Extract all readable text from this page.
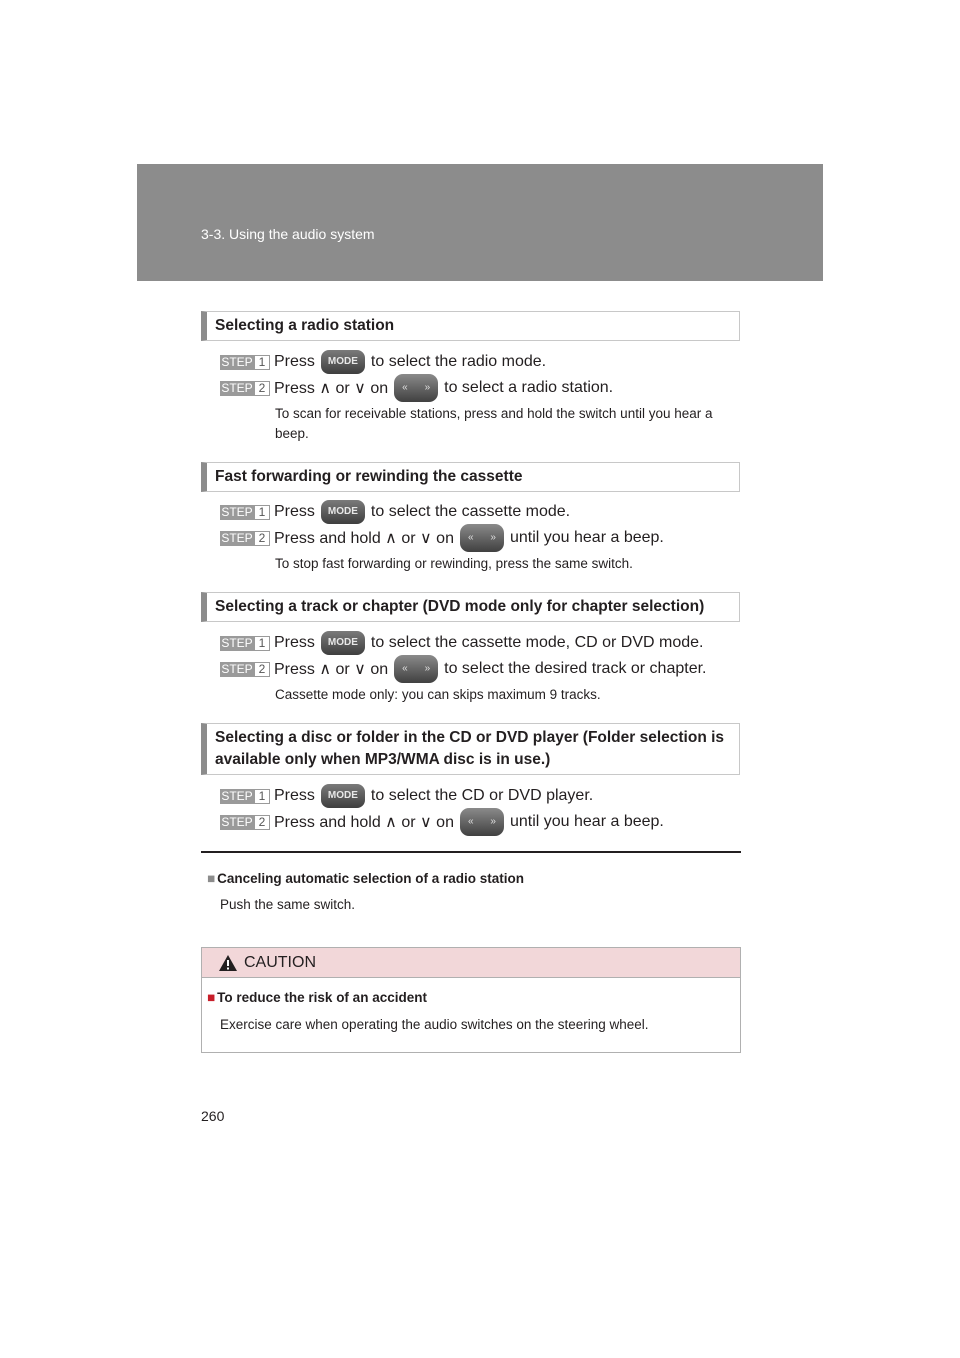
3-3. Using the audio system
Selecting a radio station
STEP 1 Press	MODE to select the radio mode.
STEP 2 Press ∧ or ∨ on « » to select a radio station.
To scan for receivable stations, press and hold the switch until you hear a beep.
Fast forwarding or rewinding the cassette
STEP 1 Press	MODE to select the cassette mode.
STEP 2 Press and hold ∧ or ∨ on « » until you hear a beep.
To stop fast forwarding or rewinding, press the same switch.
Selecting a track or chapter (DVD mode only for chapter selection)
STEP 1 Press	MODE to select the cassette mode, CD or DVD mode.
STEP 2 Press ∧ or ∨ on « » to select the desired track or chapter.
Cassette mode only: you can skips maximum 9 tracks.
Selecting a disc or folder in the CD or DVD player (Folder selection is available only when MP3/WMA disc is in use.)
STEP 1 Press	MODE to select the CD or DVD player.
STEP 2 Press and hold ∧ or ∨ on « » until you hear a beep.
■ Canceling automatic selection of a radio station
Push the same switch.
CAUTION
■ To reduce the risk of an accident
Exercise care when operating the audio switches on the steering wheel.
260
